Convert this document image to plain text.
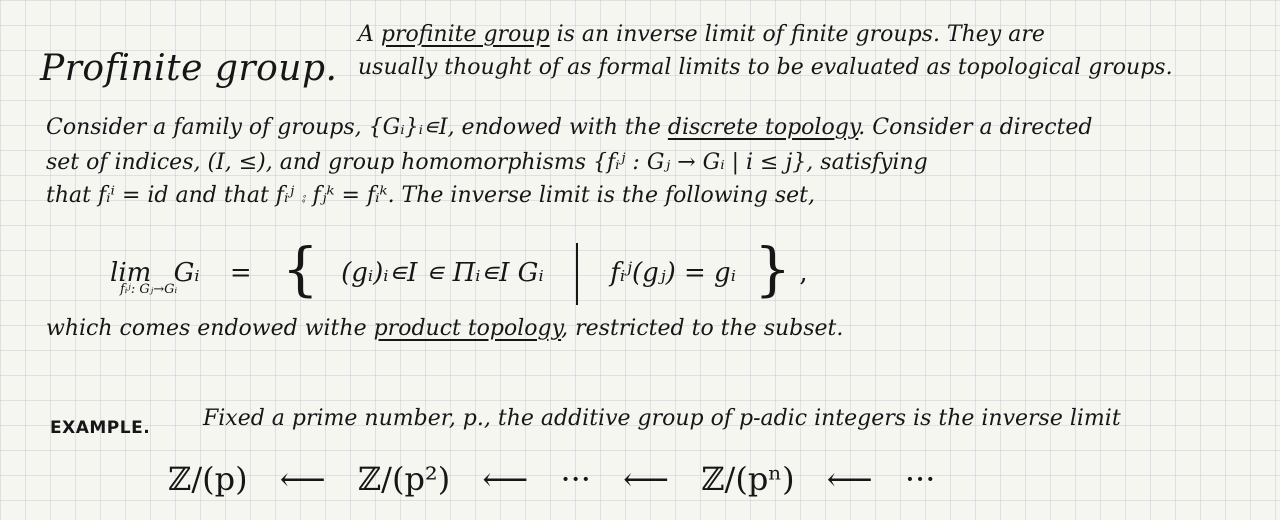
Profinite group.
A profinite group is an inverse limit of finite groups. They are
usually thought of as formal limits to be evaluated as topological groups.
Consider a family of groups, {Gᵢ}ᵢ∊I, endowed with the discrete topology. Consider a directed
set of indices, (I, ≤), and group homomorphisms {fᵢʲ : Gⱼ → Gᵢ | i ≤ j}, satisfying
that fᵢⁱ = id and that fᵢʲ ⨾ fⱼᵏ = fᵢᵏ. The inverse limit is the following set,
lim Gᵢ = { (gᵢ)ᵢ∊I ∊ Πᵢ∊I Gᵢ	fᵢʲ(gⱼ) = gᵢ } ,
fᵢʲ: Gⱼ→Gᵢ
which comes endowed withe product topology, restricted to the subset.
EXAMPLE. Fixed a prime number, p., the additive group of p-adic integers is the inverse limit
ℤ/(p) ⟵ ℤ/(p²) ⟵ ··· ⟵ ℤ/(pⁿ) ⟵ ···
